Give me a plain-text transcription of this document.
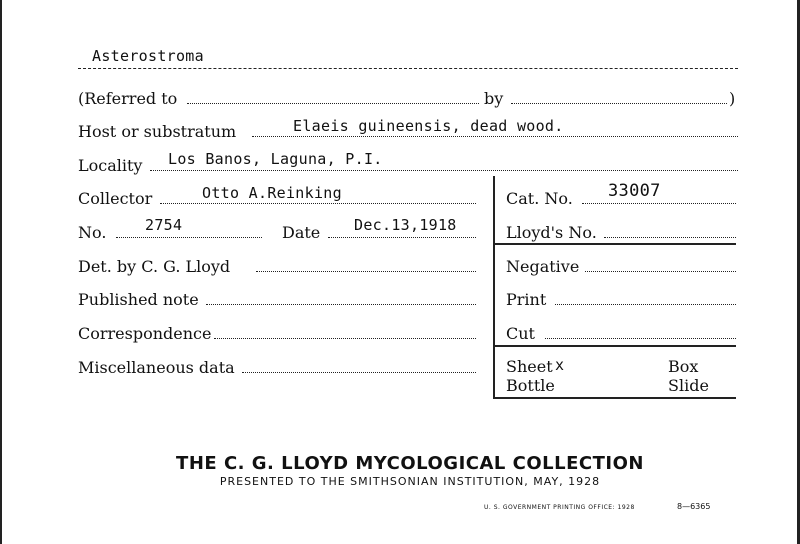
Asterostroma
(Referred to	by	)
Host or substratum	Elaeis guineensis, dead wood.
Locality Los Banos, Laguna, P.I.
Collector	Otto A.Reinking
No.	2754	Date Dec.13,1918
Det. by C. G. Lloyd
Published note
Correspondence
Miscellaneous data
Cat. No. 33007
Lloyd's No.
Negative
Print
Cut
Sheet x	Box
Bottle	Slide
THE C. G. LLOYD MYCOLOGICAL COLLECTION
PRESENTED TO THE SMITHSONIAN INSTITUTION, MAY, 1928
U. S. GOVERNMENT PRINTING OFFICE: 1928	8—6365
